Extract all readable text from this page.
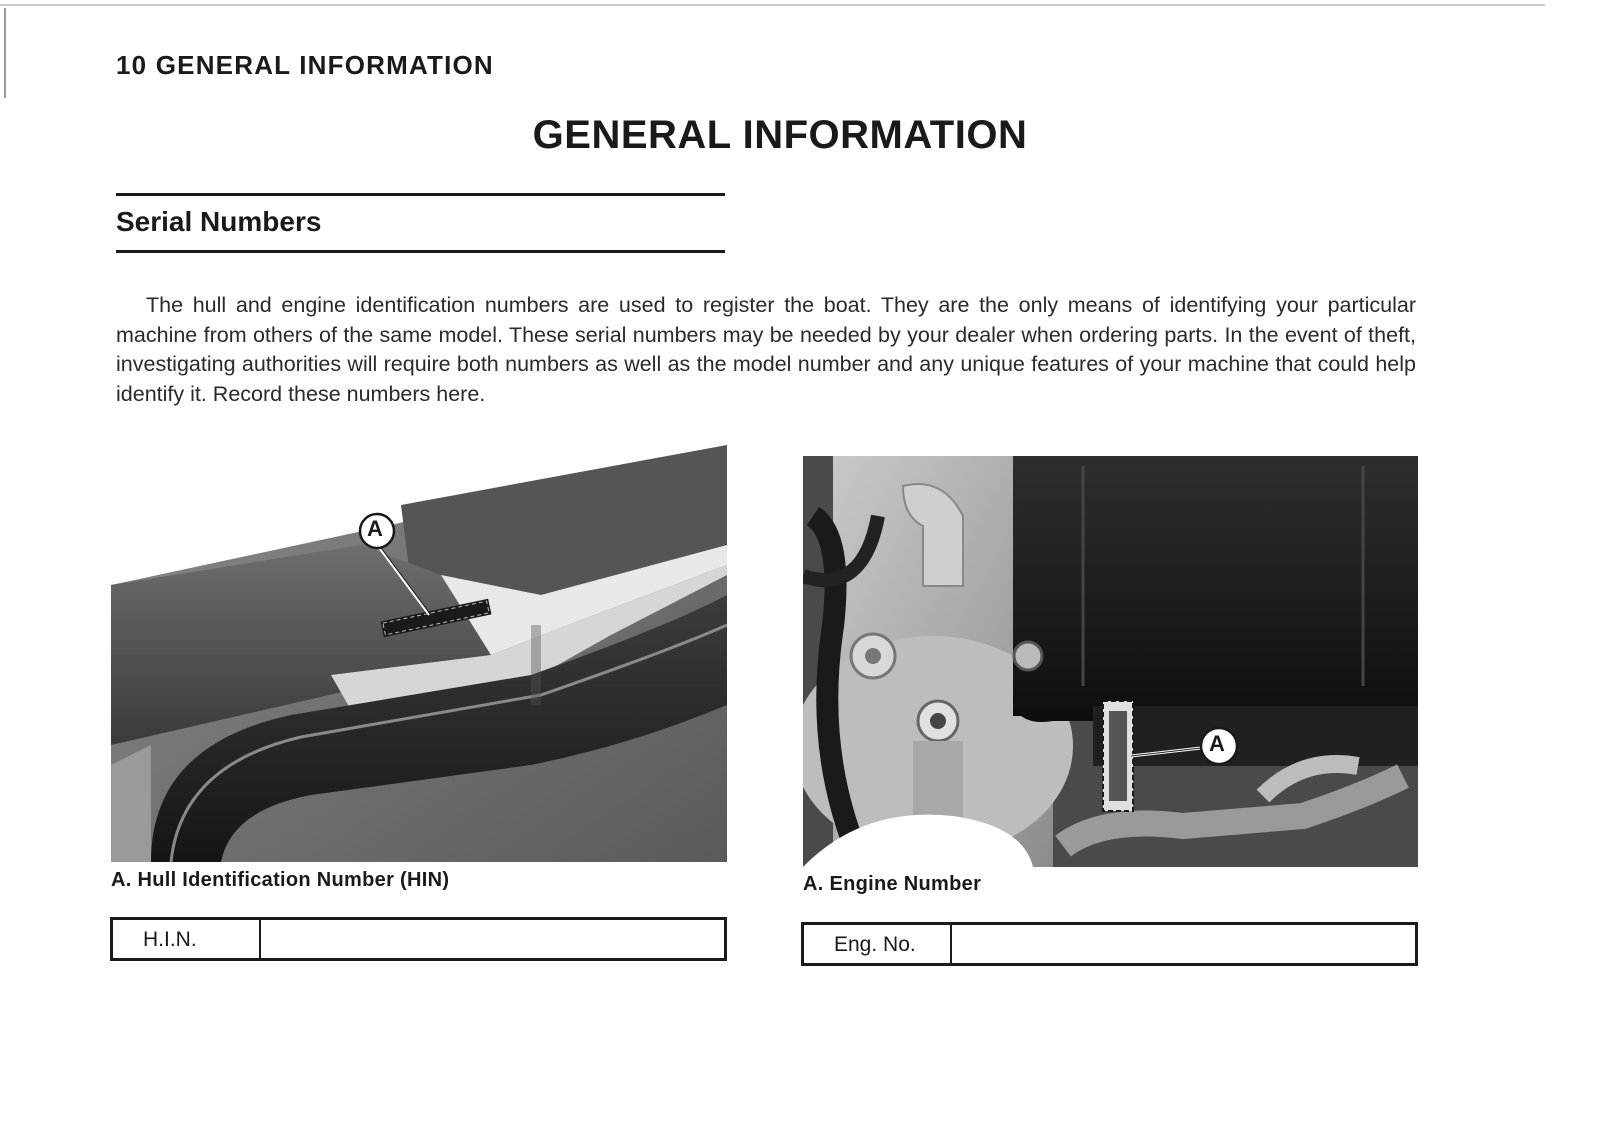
10 GENERAL INFORMATION
GENERAL INFORMATION
Serial Numbers

The hull and engine identification numbers are used to register the boat. They are the only means of identifying your particular machine from others of the same model. These serial numbers may be needed by your dealer when ordering parts. In the event of theft, investigating authorities will require both numbers as well as the model number and any unique features of your machine that could help identify it. Record these numbers here.

A
A. Hull Identification Number (HIN)
H.I.N.
A
A. Engine Number
Eng. No.
